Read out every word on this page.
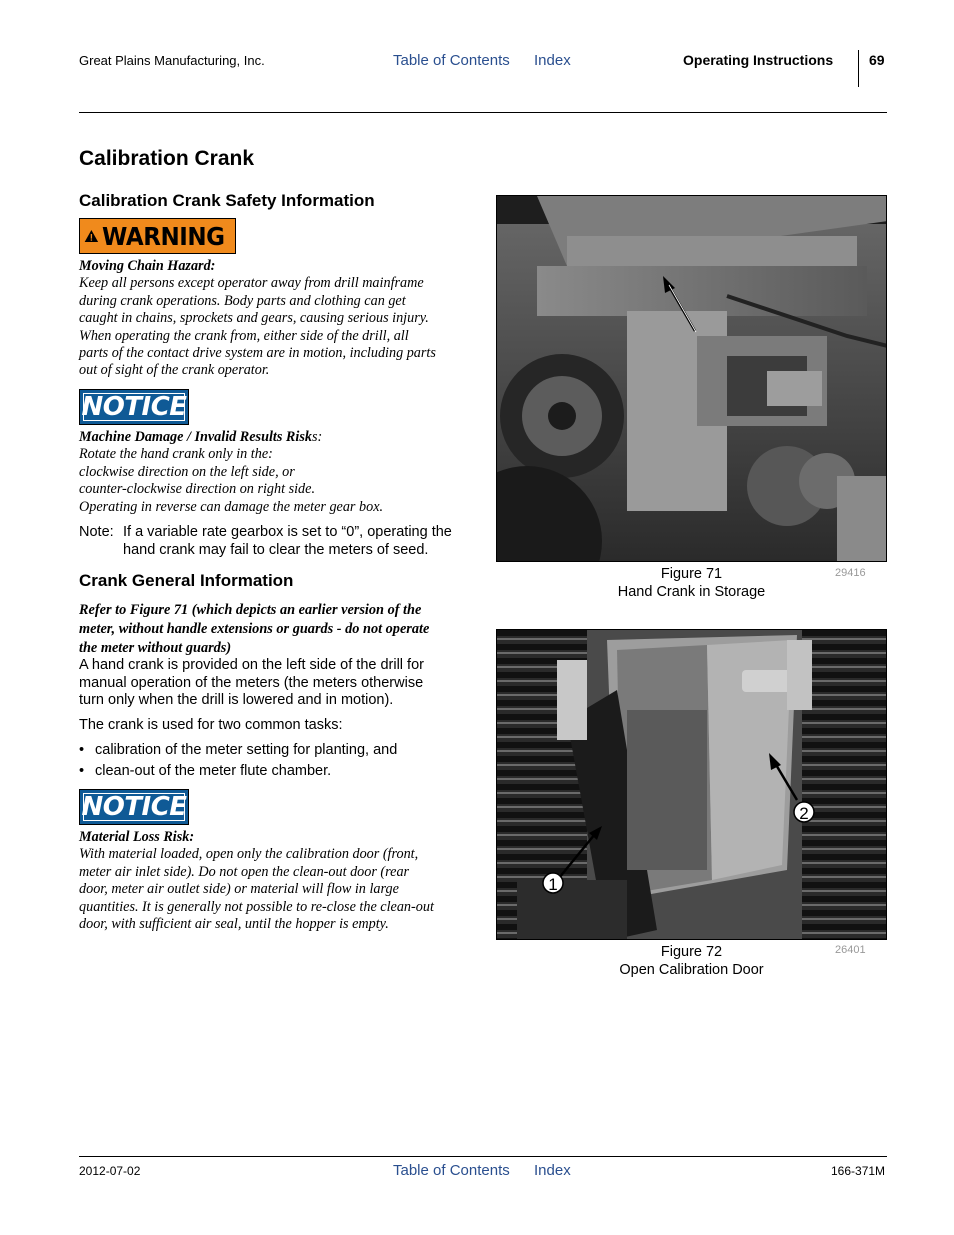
Great Plains Manufacturing, Inc.	Table of Contents Index	Operating Instructions	69
Calibration Crank
Calibration Crank Safety Information
WARNING
Moving Chain Hazard:
Keep all persons except operator away from drill mainframe
during crank operations. Body parts and clothing can get
caught in chains, sprockets and gears, causing serious injury.
When operating the crank from, either side of the drill, all
parts of the contact drive system are in motion, including parts
out of sight of the crank operator.
NOTICE
Machine Damage / Invalid Results Risks:
Rotate the hand crank only in the:
clockwise direction on the left side, or
counter-clockwise direction on right side.
Operating in reverse can damage the meter gear box.
Note: If a variable rate gearbox is set to “0”, operating the
hand crank may fail to clear the meters of seed.
Crank General Information
Refer to Figure 71 (which depicts an earlier version of the
meter, without handle extensions or guards - do not operate
the meter without guards)
A hand crank is provided on the left side of the drill for
manual operation of the meters (the meters otherwise
turn only when the drill is lowered and in motion).
The crank is used for two common tasks:
• calibration of the meter setting for planting, and
• clean-out of the meter flute chamber.
NOTICE
Material Loss Risk:
With material loaded, open only the calibration door (front,
meter air inlet side). Do not open the clean-out door (rear
door, meter air outlet side) or material will flow in large
quantities. It is generally not possible to re-close the clean-out
door, with sufficient air seal, until the hopper is empty.
Figure 71
Hand Crank in Storage
29416
2
1
Figure 72
Open Calibration Door
26401
2012-07-02	Table of Contents Index	166-371M
